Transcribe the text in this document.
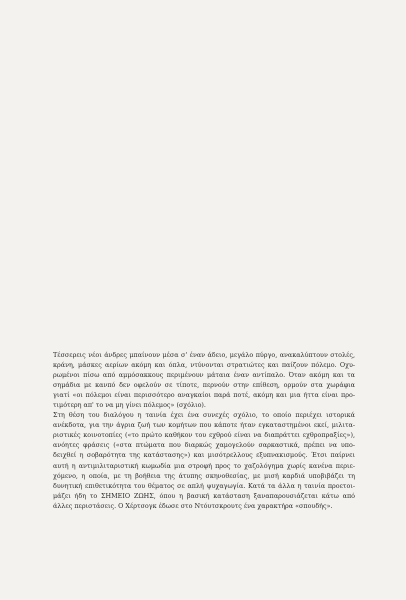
Τέσσερεις νέοι άνδρες μπαίνουν μέσα σ' έναν άδειο, μεγάλο πύργο, ανακαλύπτουν στολές,
κράνη, μάσκες αερίων ακόμη και όπλα, ντύνονται στρατιώτες και παίζουν πόλεμο. Οχυ-
ρωμένοι πίσω από αμμόσακκους περιμένουν μάταια έναν αντίπαλο. Όταν ακόμη και τα
σημάδια με κανπό δεν οφελούν σε τίποτε, περνούν στην επίθεση, ορμούν στα χωράφια
γιατί «οι πόλεμοι είναι περισσότερο αναγκαίοι παρά ποτέ, ακόμη και μια ήττα είναι προ-
τιμότερη απ' το να μη γίνει πόλεμος» (σχόλιο).
Στη θέση του διαλόγου η ταινία έχει ένα συνεχές σχόλιο, το οποίο περιέχει ιστορικά
ανέκδοτα, για την άγρια ζωή των κομήτων που κάποτε ήταν εγκαταστημένοι εκεί, μιλιτα-
ριστικές κοινοτοπίες («το πρώτο καθήκον του εχθρού είναι να διαπράττει εχθροπραξίες»),
ανόητες φράσεις («στα πτώματα που διαρκώς χαμογελούν σαρκαστικά, πρέπει να υπο-
δειχθεί η σοβαρότητα της κατάστασης») και μισότρελλους εξυπνακισμούς. Έτσι παίρνει
αυτή η αντιμιλιταριστική κωμωδία μια στροφή προς το χαζολόγημα χωρίς κανένα περιε-
χόμενο, η οποία, με τη βοήθεια της άτυπης σκηνοθεσίας, με μισή καρδιά υποβιβάζει τη
δυνητική επιθετικότητα του θέματος σε απλή ψυχαγωγία. Κατά τα άλλα η ταινία προετοι-
μάζει ήδη το ΣΗΜΕΙΟ ΖΩΗΣ, όπου η βασική κατάσταση ξαναπαρουσιάζεται κάτω από
άλλες περιστάσεις. Ο Χέρτσογκ έδωσε στο Ντόυτσκρουτς ένα χαρακτήρα «σπουδής».
